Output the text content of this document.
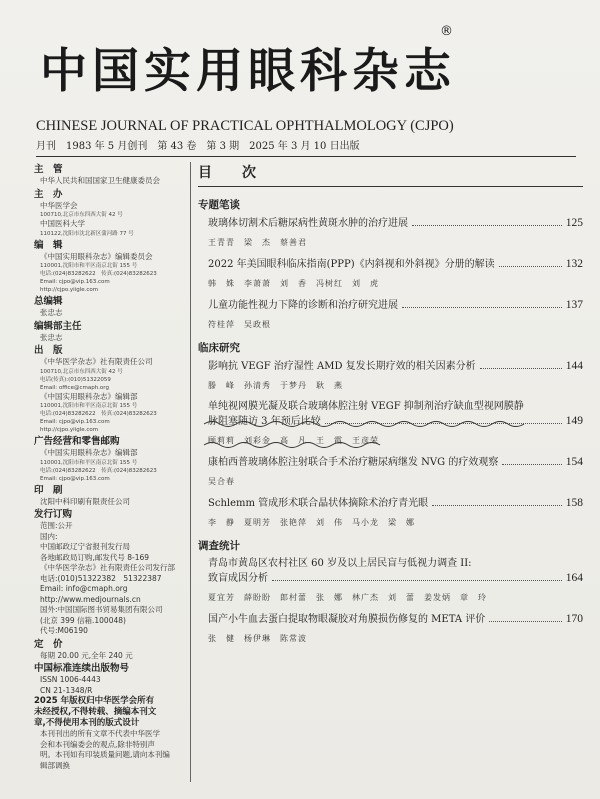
中国实用眼科杂志
®
CHINESE JOURNAL OF PRACTICAL OPHTHALMOLOGY (CJPO)
月刊　1983 年 5 月创刊　第 43 卷　第 3 期　2025 年 3 月 10 日出版
主　管
中华人民共和国国家卫生健康委员会
主　办
中华医学会
100710,北京市东四西大街 42 号
中国医科大学
110122,沈阳市沈北新区蒲河路 77 号
编　辑
《中国实用眼科杂志》编辑委员会
110001,沈阳市和平区南京北街 155 号
电话:(024)83282622　传真:(024)83282623
Email: cjpo@vip.163.com
http://cjpo.yiigle.com
总编辑
张忠志
编辑部主任
张忠志
出　版
《中华医学杂志》社有限责任公司
100710,北京市东四西大街 42 号
电话(传真):(010)51322059
Email: office@cmaph.org
《中国实用眼科杂志》编辑部
110001,沈阳市和平区南京北街 155 号
电话:(024)83282622　传真:(024)83282623
Email: cjpo@vip.163.com
http://cjpo.yiigle.com
广告经营和零售邮购
《中国实用眼科杂志》编辑部
110001,沈阳市和平区南京北街 155 号
电话:(024)83282622　传真:(024)83282623
Email: cjpo@vip.163.com
印　刷
沈阳中科印刷有限责任公司
发行订购
范围:公开
国内:
中国邮政辽宁省报刊发行局
各地邮政局订购,邮发代号 8-169
《中华医学杂志》社有限责任公司发行部
电话:(010)51322382　51322387
Email: info@cmaph.org
http://www.medjournals.cn
国外:中国国际图书贸易集团有限公司
(北京 399 信箱.100048)
代号:M06190
定　价
每期 20.00 元,全年 240 元
中国标准连续出版物号
ISSN 1006-4443
CN 21-1348/R
2025 年版权归中华医学会所有
未经授权,不得转载、摘编本刊文
章,不得使用本刊的版式设计
本刊刊出的所有文章不代表中华医学
会和本刊编委会的观点,除非特别声
明。本刊如有印装质量问题,请向本刊编
辑部调换
目　次
专题笔谈
玻璃体切割术后糖尿病性黄斑水肿的治疗进展	125
王青青　梁　杰　蔡善君
2022 年美国眼科临床指南(PPP)《内斜视和外斜视》分册的解读	132
韩　姝　李萧萧　刘　香　冯树红　刘　虎
儿童功能性视力下降的诊断和治疗研究进展	137
符桂萍　吴政根
临床研究
影响抗 VEGF 治疗湿性 AMD 复发长期疗效的相关因素分析	144
滕　峰　孙清秀　于梦丹　耿　燕
单纯视网膜光凝及联合玻璃体腔注射 VEGF 抑制剂治疗缺血型视网膜静
脉阻塞随访 3 年预后比较	149
顾莉莉　刘彩金　高　凡　王　霞　王彦荣
康柏西普玻璃体腔注射联合手术治疗糖尿病继发 NVG 的疗效观察	154
吴合春
Schlemm 管成形术联合晶状体摘除术治疗青光眼	158
李　静　夏明芳　张艳萍　刘　伟　马小龙　梁　娜
调查统计
青岛市黄岛区农村社区 60 岁及以上居民盲与低视力调查 II:
致盲成因分析	164
夏宜芳　薛盼盼　郎村蕾　张　娜　林广杰　刘　蕾　姜发炳　章　玲
国产小牛血去蛋白提取物眼凝胶对角膜损伤修复的 META 评价	170
张　健　杨伊琳　陈常波
